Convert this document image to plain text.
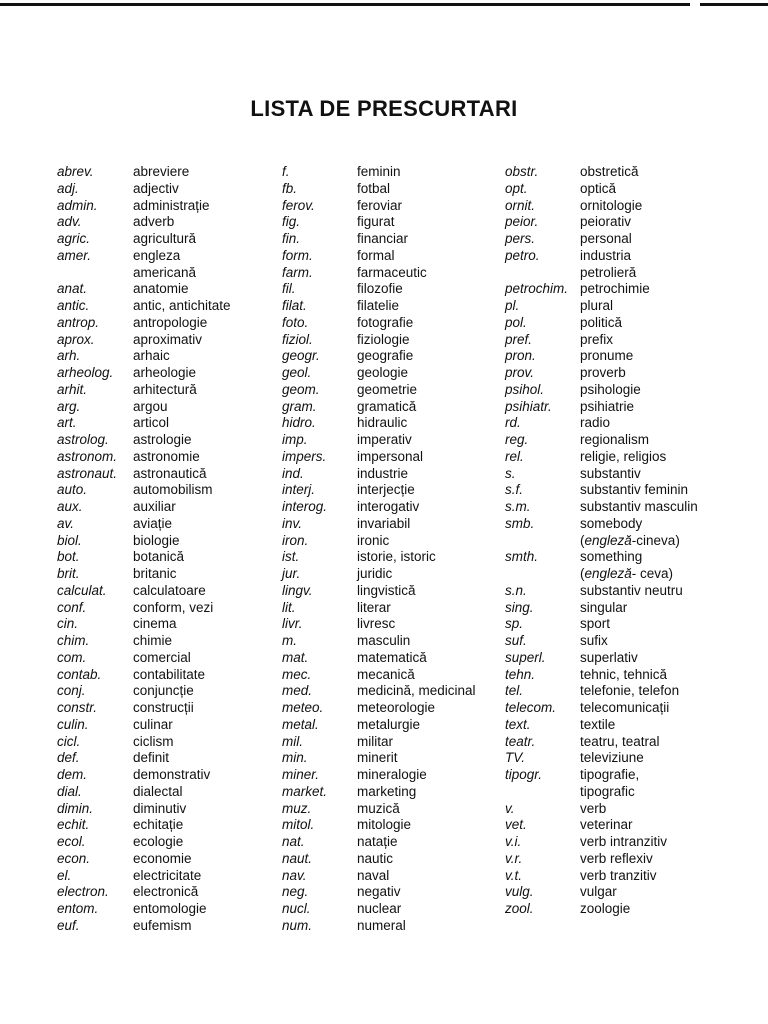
LISTA DE PRESCURTARI
abrev.	abreviere
adj.	adjectiv
admin.	administrație
adv.	adverb
agric.	agricultură
amer.	engleza
americană
anat.	anatomie
antic.	antic, antichitate
antrop.	antropologie
aprox.	aproximativ
arh.	arhaic
arheolog. arheologie
arhit.	arhitectură
arg.	argou
art.	articol
astrolog. astrologie
astronom. astronomie
astronaut. astronautică
auto.	automobilism
aux.	auxiliar
av.	aviație
biol.	biologie
bot.	botanică
brit.	britanic
calculat. calculatoare
conf.	conform, vezi
cin.	cinema
chim.	chimie
com.	comercial
contab. contabilitate
conj.	conjuncție
constr.	construcții
culin.	culinar
cicl.	ciclism
def.	definit
dem.	demonstrativ
dial.	dialectal
dimin.	diminutiv
echit.	echitație
ecol.	ecologie
econ.	economie
el.	electricitate
electron. electronică
entom.	entomologie
euf.	eufemism
f.	feminin
fb.	fotbal
ferov.	feroviar
fig.	figurat
fin.	financiar
form.	formal
farm.	farmaceutic
fil.	filozofie
filat.	filatelie
foto.	fotografie
fiziol.	fiziologie
geogr.	geografie
geol.	geologie
geom.	geometrie
gram.	gramatică
hidro.	hidraulic
imp.	imperativ
impers. impersonal
ind.	industrie
interj.	interjecție
interog. interogativ
inv.	invariabil
iron.	ironic
ist.	istorie, istoric
jur.	juridic
lingv.	lingvistică
lit.	literar
livr.	livresc
m.	masculin
mat.	matematică
mec.	mecanică
med.	medicină, medicinal
meteo. meteorologie
metal.	metalurgie
mil.	militar
min.	minerit
miner.	mineralogie
market. marketing
muz.	muzică
mitol.	mitologie
nat.	natație
naut.	nautic
nav.	naval
neg.	negativ
nucl.	nuclear
num.	numeral
obstr.	obstretică
opt.	optică
ornit.	ornitologie
peior.	peiorativ
pers.	personal
petro.	industria
petrolieră
petrochim. petrochimie
pl.	plural
pol.	politică
pref.	prefix
pron.	pronume
prov.	proverb
psihol.	psihologie
psihiatr. psihiatrie
rd.	radio
reg.	regionalism
rel.	religie, religios
s.	substantiv
s.f.	substantiv feminin
s.m.	substantiv masculin
smb.	somebody
(engleză-cineva)
smth.	something
(engleză- ceva)
s.n.	substantiv neutru
sing.	singular
sp.	sport
suf.	sufix
superl.	superlativ
tehn.	tehnic, tehnică
tel.	telefonie, telefon
telecom. telecomunicații
text.	textile
teatr.	teatru, teatral
TV.	televiziune
tipogr.	tipografie,
tipografic
v.	verb
vet.	veterinar
v.i.	verb intranzitiv
v.r.	verb reflexiv
v.t.	verb tranzitiv
vulg.	vulgar
zool.	zoologie
